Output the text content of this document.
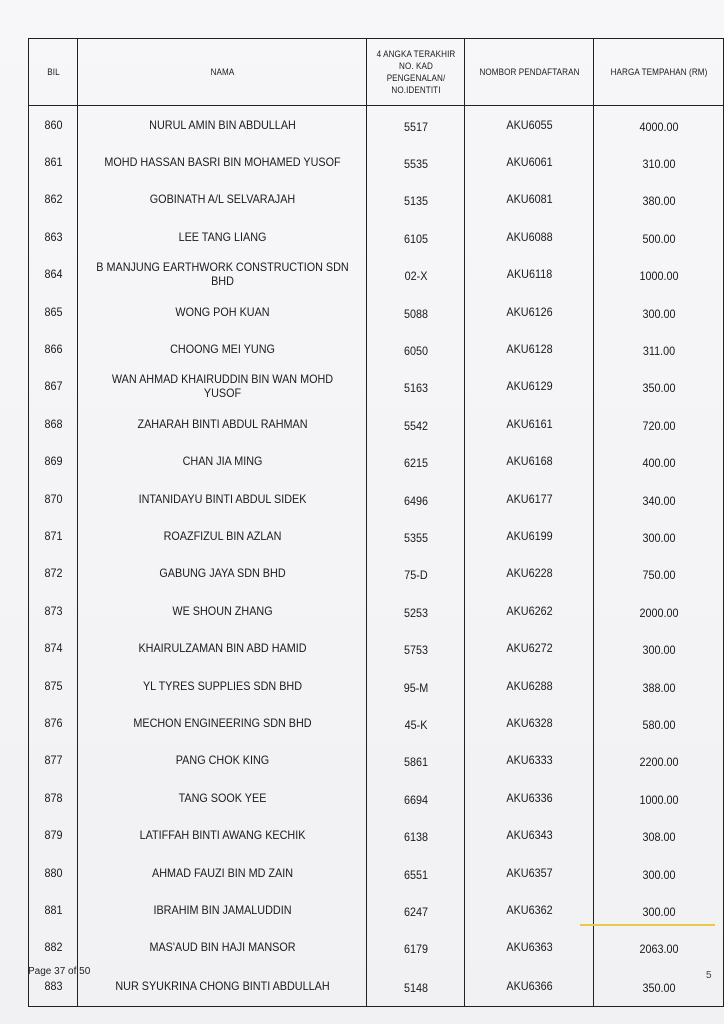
BIL	NAMA	4 ANGKA TERAKHIR
NO. KAD
PENGENALAN/
NO.IDENTITI	NOMBOR PENDAFTARAN	HARGA TEMPAHAN (RM)
860	NURUL AMIN BIN ABDULLAH	5517	AKU6055	4000.00
861	MOHD HASSAN BASRI BIN MOHAMED YUSOF	5535	AKU6061	310.00
862	GOBINATH A/L SELVARAJAH	5135	AKU6081	380.00
863	LEE TANG LIANG	6105	AKU6088	500.00
864	B MANJUNG EARTHWORK CONSTRUCTION SDN BHD	02-X	AKU6118	1000.00
865	WONG POH KUAN	5088	AKU6126	300.00
866	CHOONG MEI YUNG	6050	AKU6128	311.00
867	WAN AHMAD KHAIRUDDIN BIN WAN MOHD YUSOF	5163	AKU6129	350.00
868	ZAHARAH BINTI ABDUL RAHMAN	5542	AKU6161	720.00
869	CHAN JIA MING	6215	AKU6168	400.00
870	INTANIDAYU BINTI ABDUL SIDEK	6496	AKU6177	340.00
871	ROAZFIZUL BIN AZLAN	5355	AKU6199	300.00
872	GABUNG JAYA SDN BHD	75-D	AKU6228	750.00
873	WE SHOUN ZHANG	5253	AKU6262	2000.00
874	KHAIRULZAMAN BIN ABD HAMID	5753	AKU6272	300.00
875	YL TYRES SUPPLIES SDN BHD	95-M	AKU6288	388.00
876	MECHON ENGINEERING SDN BHD	45-K	AKU6328	580.00
877	PANG CHOK KING	5861	AKU6333	2200.00
878	TANG SOOK YEE	6694	AKU6336	1000.00
879	LATIFFAH BINTI AWANG KECHIK	6138	AKU6343	308.00
880	AHMAD FAUZI BIN MD ZAIN	6551	AKU6357	300.00
881	IBRAHIM BIN JAMALUDDIN	6247	AKU6362	300.00
882	MAS'AUD BIN HAJI MANSOR	6179	AKU6363	2063.00
883	NUR SYUKRINA CHONG BINTI ABDULLAH	5148	AKU6366	350.00
Page 37 of 50	5
